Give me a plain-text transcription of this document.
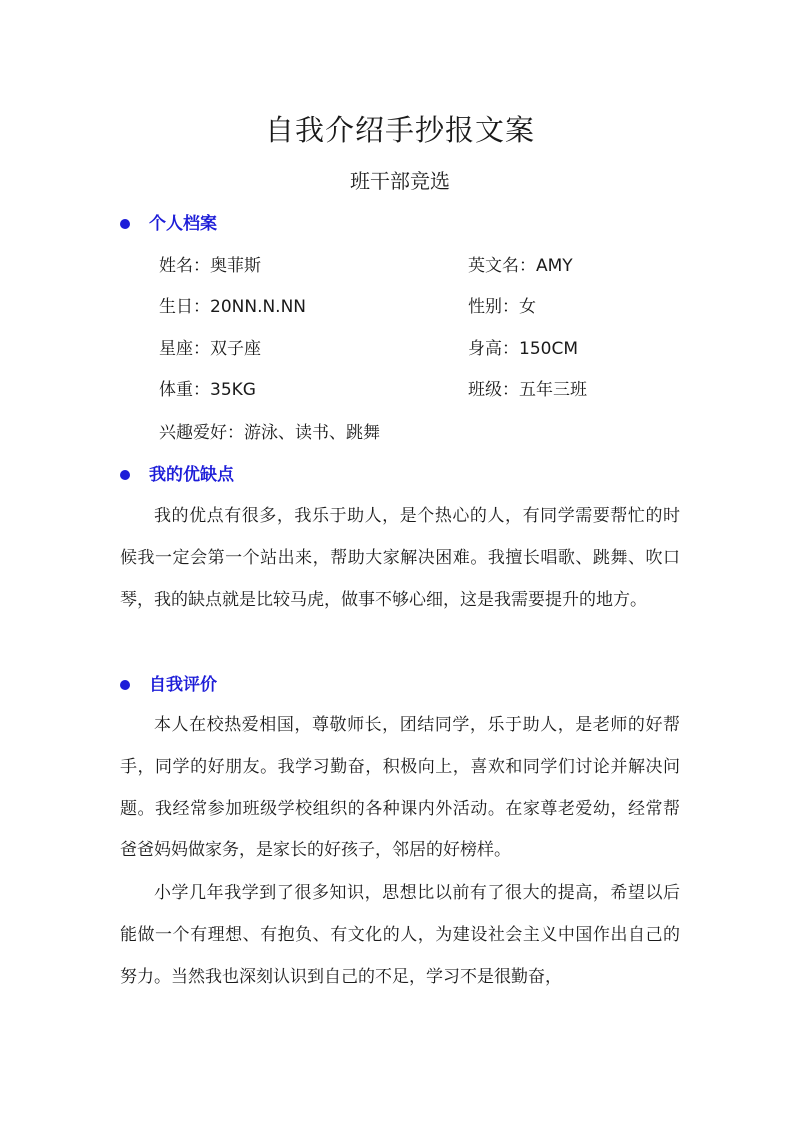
自我介绍手抄报文案
班干部竞选
个人档案
姓名：奥菲斯	英文名：AMY
生日：20NN.N.NN	性别：女
星座：双子座	身高：150CM
体重：35KG	班级：五年三班
兴趣爱好：游泳、读书、跳舞
我的优缺点

我的优点有很多，我乐于助人，是个热心的人，有同学需要帮忙的时候我一定会第一个站出来，帮助大家解决困难。我擅长唱歌、跳舞、吹口琴，我的缺点就是比较马虎，做事不够心细，这是我需要提升的地方。

自我评价

本人在校热爱相国，尊敬师长，团结同学，乐于助人，是老师的好帮手，同学的好朋友。我学习勤奋，积极向上，喜欢和同学们讨论并解决问题。我经常参加班级学校组织的各种课内外活动。在家尊老爱幼，经常帮爸爸妈妈做家务，是家长的好孩子，邻居的好榜样。

小学几年我学到了很多知识，思想比以前有了很大的提高，希望以后能做一个有理想、有抱负、有文化的人，为建设社会主义中国作出自己的努力。当然我也深刻认识到自己的不足，学习不是很勤奋，
